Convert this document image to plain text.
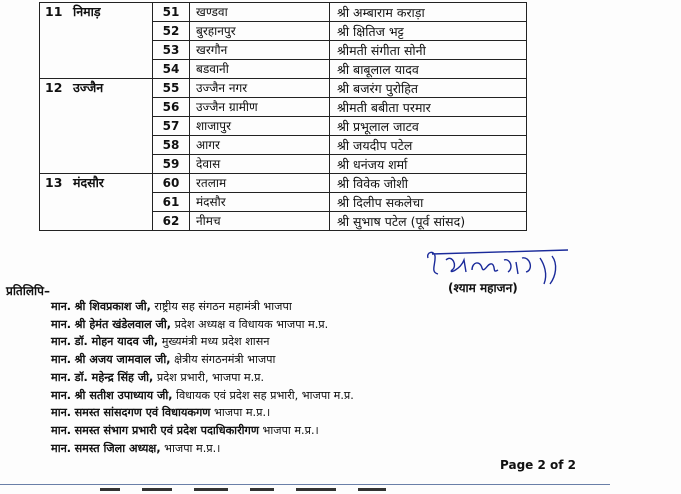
11 निमाड़	51	खण्डवा	श्री अम्बाराम कराड़ा
	52	बुरहानपुर	श्री क्षितिज भट्ट
	53	खरगौन	श्रीमती संगीता सोनी
	54	बडवानी	श्री बाबूलाल यादव
12 उज्जैन	55	उज्जैन नगर	श्री बजरंग पुरोहित
	56	उज्जैन ग्रामीण	श्रीमती बबीता परमार
	57	शाजापुर	श्री प्रभूलाल जाटव
	58	आगर	श्री जयदीप पटेल
	59	देवास	श्री धनंजय शर्मा
13 मंदसौर	60	रतलाम	श्री विवेक जोशी
	61	मंदसौर	श्री दिलीप सकलेचा
	62	नीमच	श्री सुभाष पटेल (पूर्व सांसद)
(श्याम महाजन)
प्रतिलिपि–
मान. श्री शिवप्रकाश जी, राष्ट्रीय सह संगठन महामंत्री भाजपा
मान. श्री हेमंत खंडेलवाल जी, प्रदेश अध्यक्ष व विधायक भाजपा म.प्र.
मान. डॉ. मोहन यादव जी, मुख्यमंत्री मध्य प्रदेश शासन
मान. श्री अजय जामवाल जी, क्षेत्रीय संगठनमंत्री भाजपा
मान. डॉ. महेन्द्र सिंह जी, प्रदेश प्रभारी, भाजपा म.प्र.
मान. श्री सतीश उपाध्याय जी, विधायक एवं प्रदेश सह प्रभारी, भाजपा म.प्र.
मान. समस्त सांसदगण एवं विधायकगण भाजपा म.प्र.।
मान. समस्त संभाग प्रभारी एवं प्रदेश पदाधिकारीगण भाजपा म.प्र.।
मान. समस्त जिला अध्यक्ष, भाजपा म.प्र.।
Page 2 of 2
